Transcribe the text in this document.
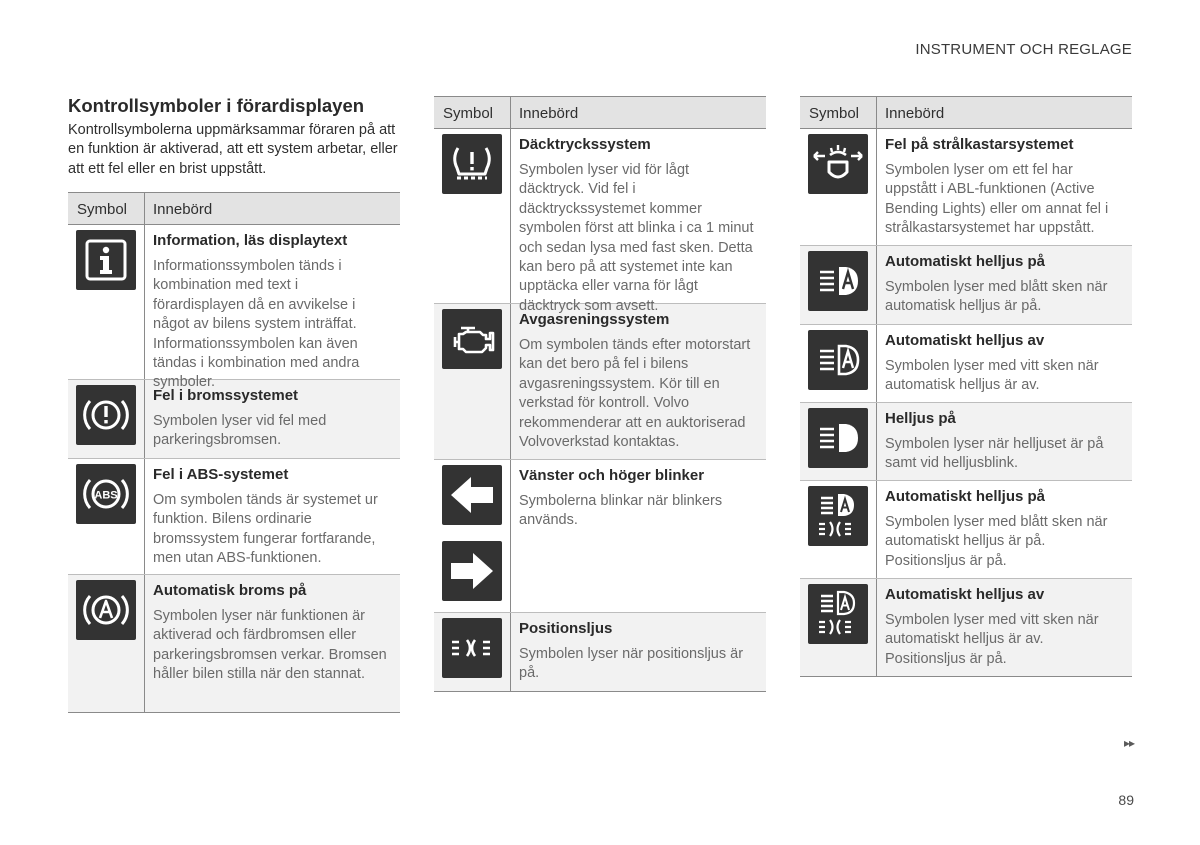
INSTRUMENT OCH REGLAGE
Kontrollsymboler i förardisplayen

Kontrollsymbolerna uppmärksammar föraren på att en funktion är aktiverad, att ett system arbetar, eller att ett fel eller en brist uppstått.

Symbol	Innebörd
Information, läs displaytext
Informationssymbolen tänds i kombination med text i förardisplayen då en avvikelse i något av bilens system inträffat. Informationssymbolen kan även tändas i kombination med andra symboler.
Fel i bromssystemet
Symbolen lyser vid fel med parkeringsbromsen.
ABS
Fel i ABS-systemet
Om symbolen tänds är systemet ur funktion. Bilens ordinarie bromssystem fungerar fortfarande, men utan ABS-funktionen.
Automatisk broms på
Symbolen lyser när funktionen är aktiverad och färdbromsen eller parkeringsbromsen verkar. Bromsen håller bilen stilla när den stannat.
Symbol	Innebörd
Däcktryckssystem
Symbolen lyser vid för lågt däcktryck. Vid fel i däcktryckssystemet kommer symbolen först att blinka i ca 1 minut och sedan lysa med fast sken. Detta kan bero på att systemet inte kan upptäcka eller varna för lågt däcktryck som avsett.
Avgasreningssystem
Om symbolen tänds efter motorstart kan det bero på fel i bilens avgasreningssystem. Kör till en verkstad för kontroll. Volvo rekommenderar att en auktoriserad Volvoverkstad kontaktas.
Vänster och höger blinker
Symbolerna blinkar när blinkers används.
Positionsljus
Symbolen lyser när positionsljus är på.
Symbol	Innebörd
Fel på strålkastarsystemet
Symbolen lyser om ett fel har uppstått i ABL-funktionen (Active Bending Lights) eller om annat fel i strålkastarsystemet har uppstått.
Automatiskt helljus på
Symbolen lyser med blått sken när automatisk helljus är på.
Automatiskt helljus av
Symbolen lyser med vitt sken när automatisk helljus är av.
Helljus på
Symbolen lyser när helljuset är på samt vid helljusblink.
Automatiskt helljus på
Symbolen lyser med blått sken när automatiskt helljus är på. Positionsljus är på.
Automatiskt helljus av
Symbolen lyser med vitt sken när automatiskt helljus är av. Positionsljus är på.
▸▸
89
